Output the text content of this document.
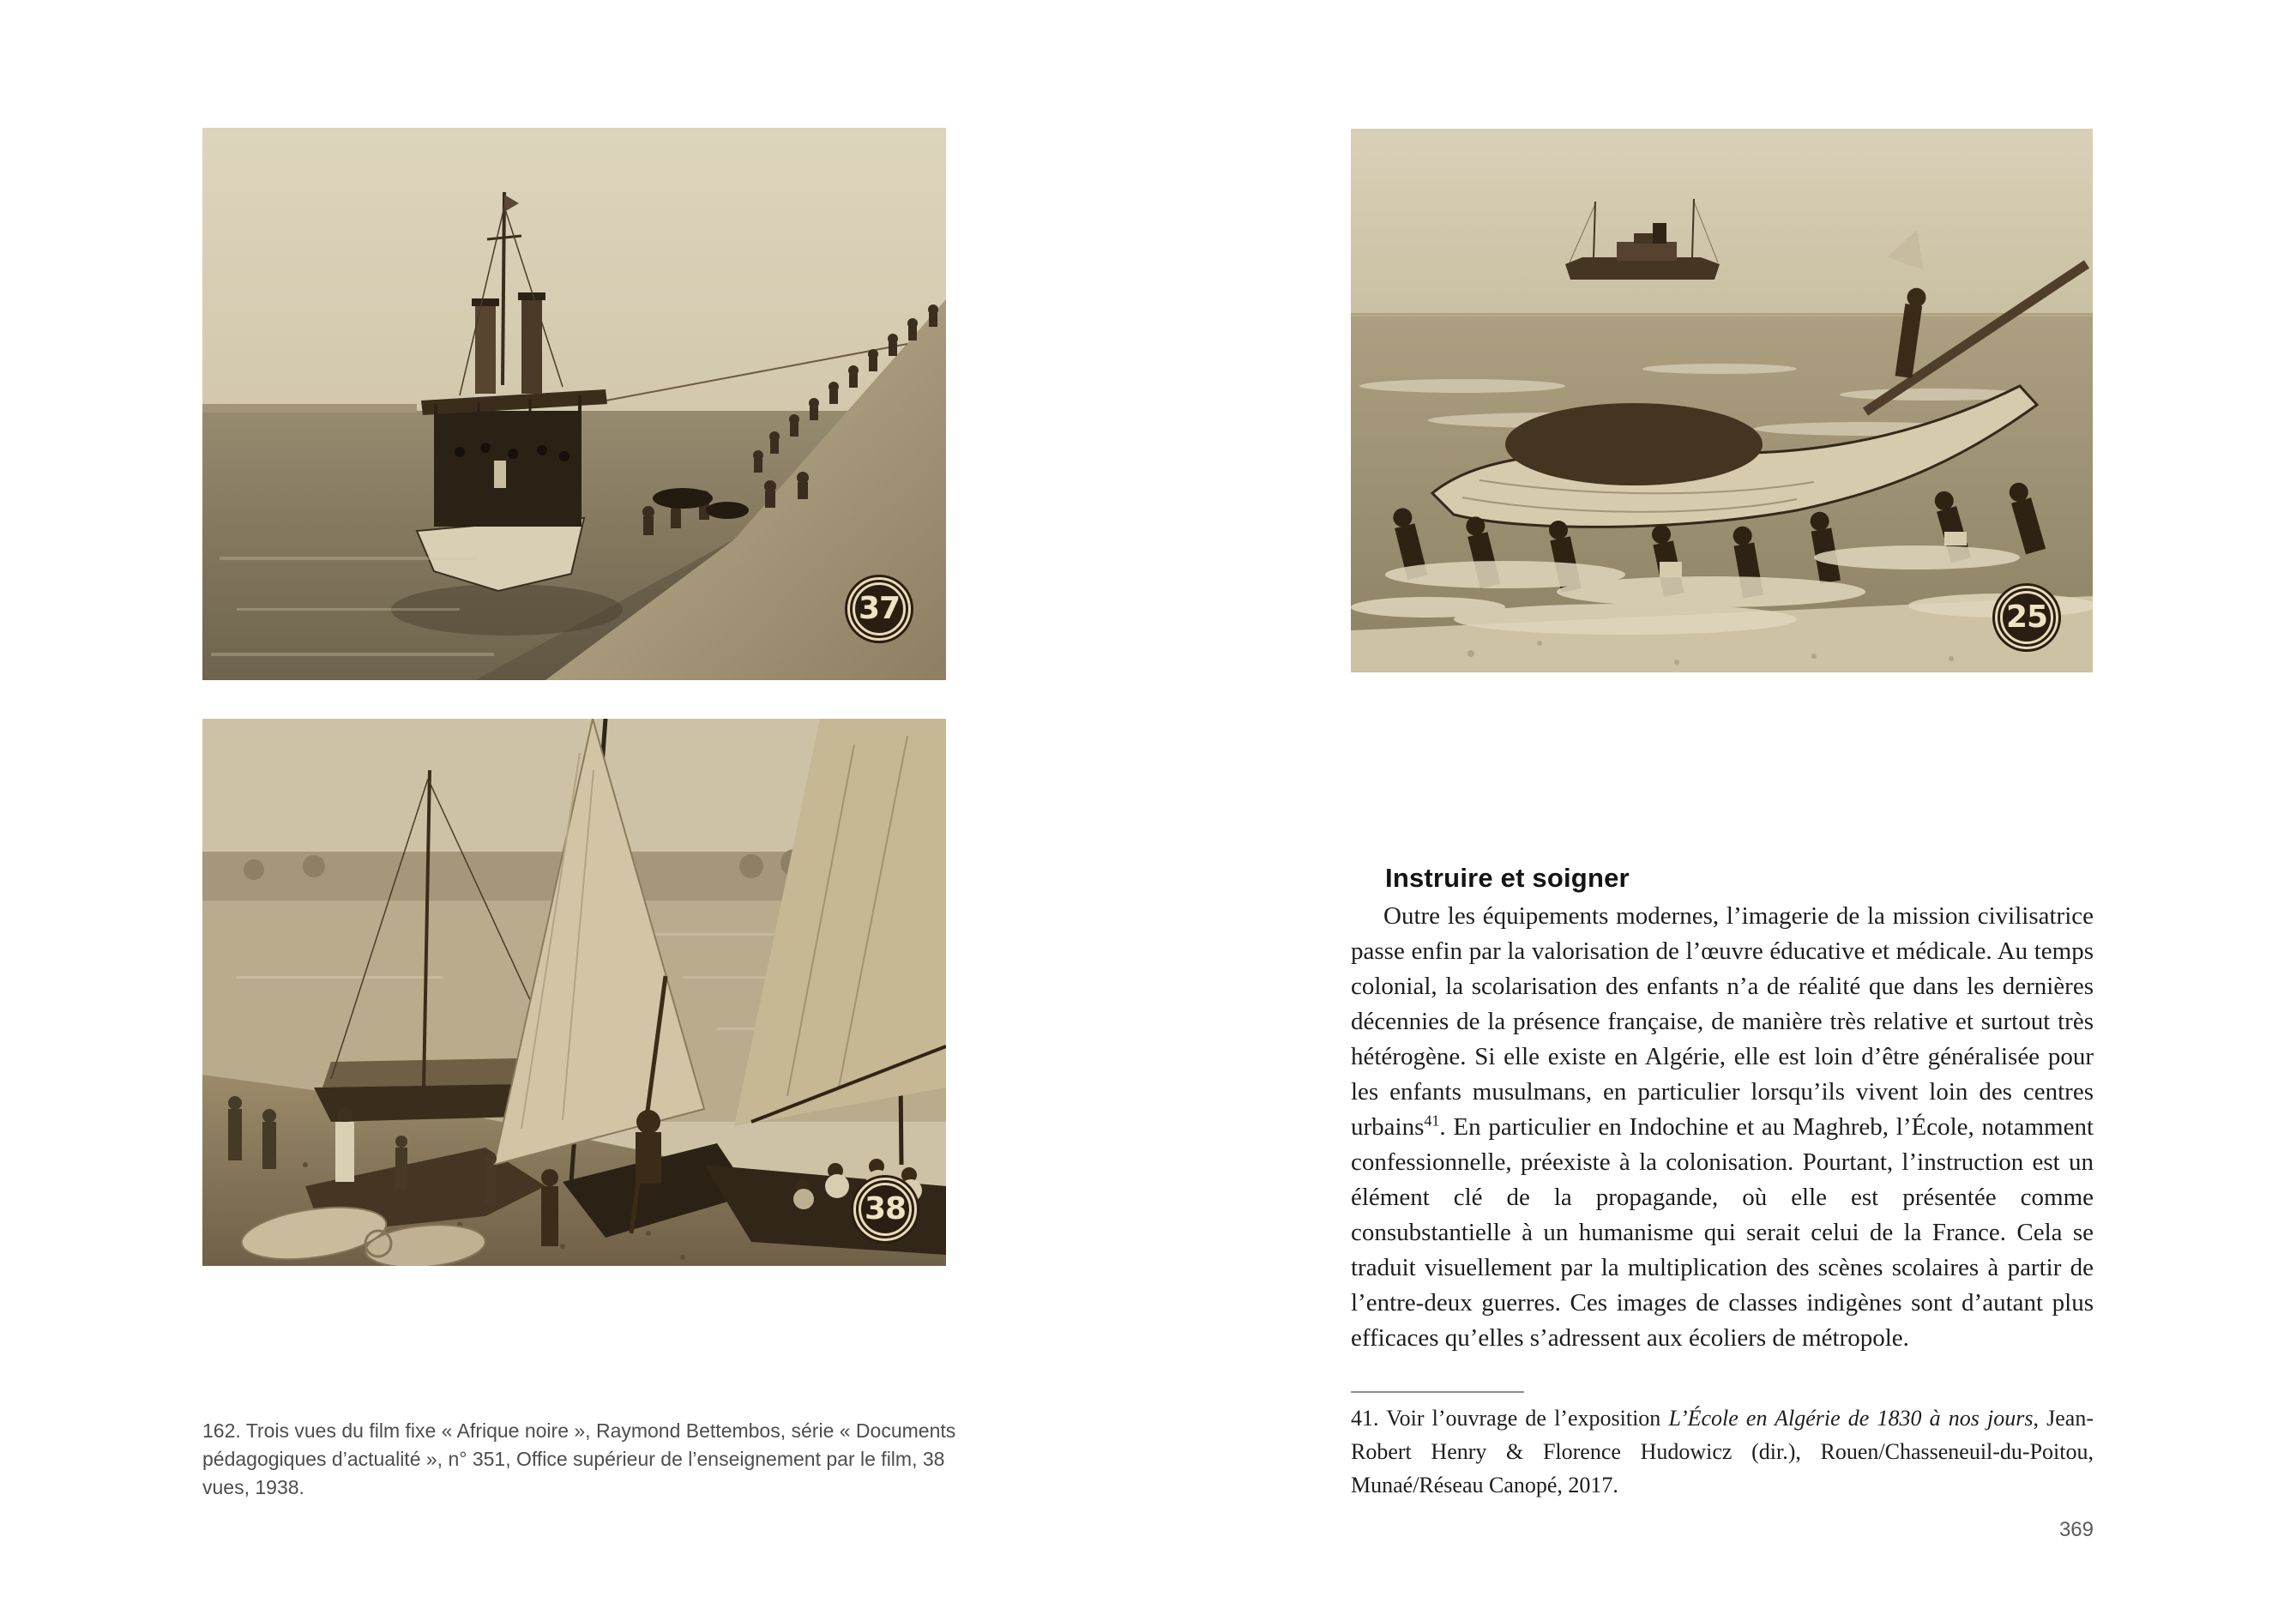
37
38

162. Trois vues du film fixe « Afrique noire », Raymond Bettembos, série « Documents pédagogiques d’actualité », n° 351, Office supérieur de l’enseignement par le film, 38 vues, 1938.

25
Instruire et soigner

Outre les équipements modernes, l’imagerie de la mission civilisatrice passe enfin par la valorisation de l’œuvre éducative et médicale. Au temps colonial, la scolarisation des enfants n’a de réalité que dans les dernières décennies de la présence française, de manière très relative et surtout très hétérogène. Si elle existe en Algérie, elle est loin d’être généralisée pour les enfants musulmans, en particulier lorsqu’ils vivent loin des centres urbains$^{41}$. En particulier en Indochine et au Maghreb, l’École, notamment confessionnelle, préexiste à la colonisation. Pourtant, l’instruction est un élément clé de la propagande, où elle est présentée comme consubstantielle à un humanisme qui serait celui de la France. Cela se traduit visuellement par la multiplication des scènes scolaires à partir de l’entre-deux guerres. Ces images de classes indigènes sont d’autant plus efficaces qu’elles s’adressent aux écoliers de métropole.

41. Voir l’ouvrage de l’exposition L’École en Algérie de 1830 à nos jours, Jean-Robert Henry & Florence Hudowicz (dir.), Rouen/Chasseneuil-du-Poitou, Munaé/Réseau Canopé, 2017.

369
